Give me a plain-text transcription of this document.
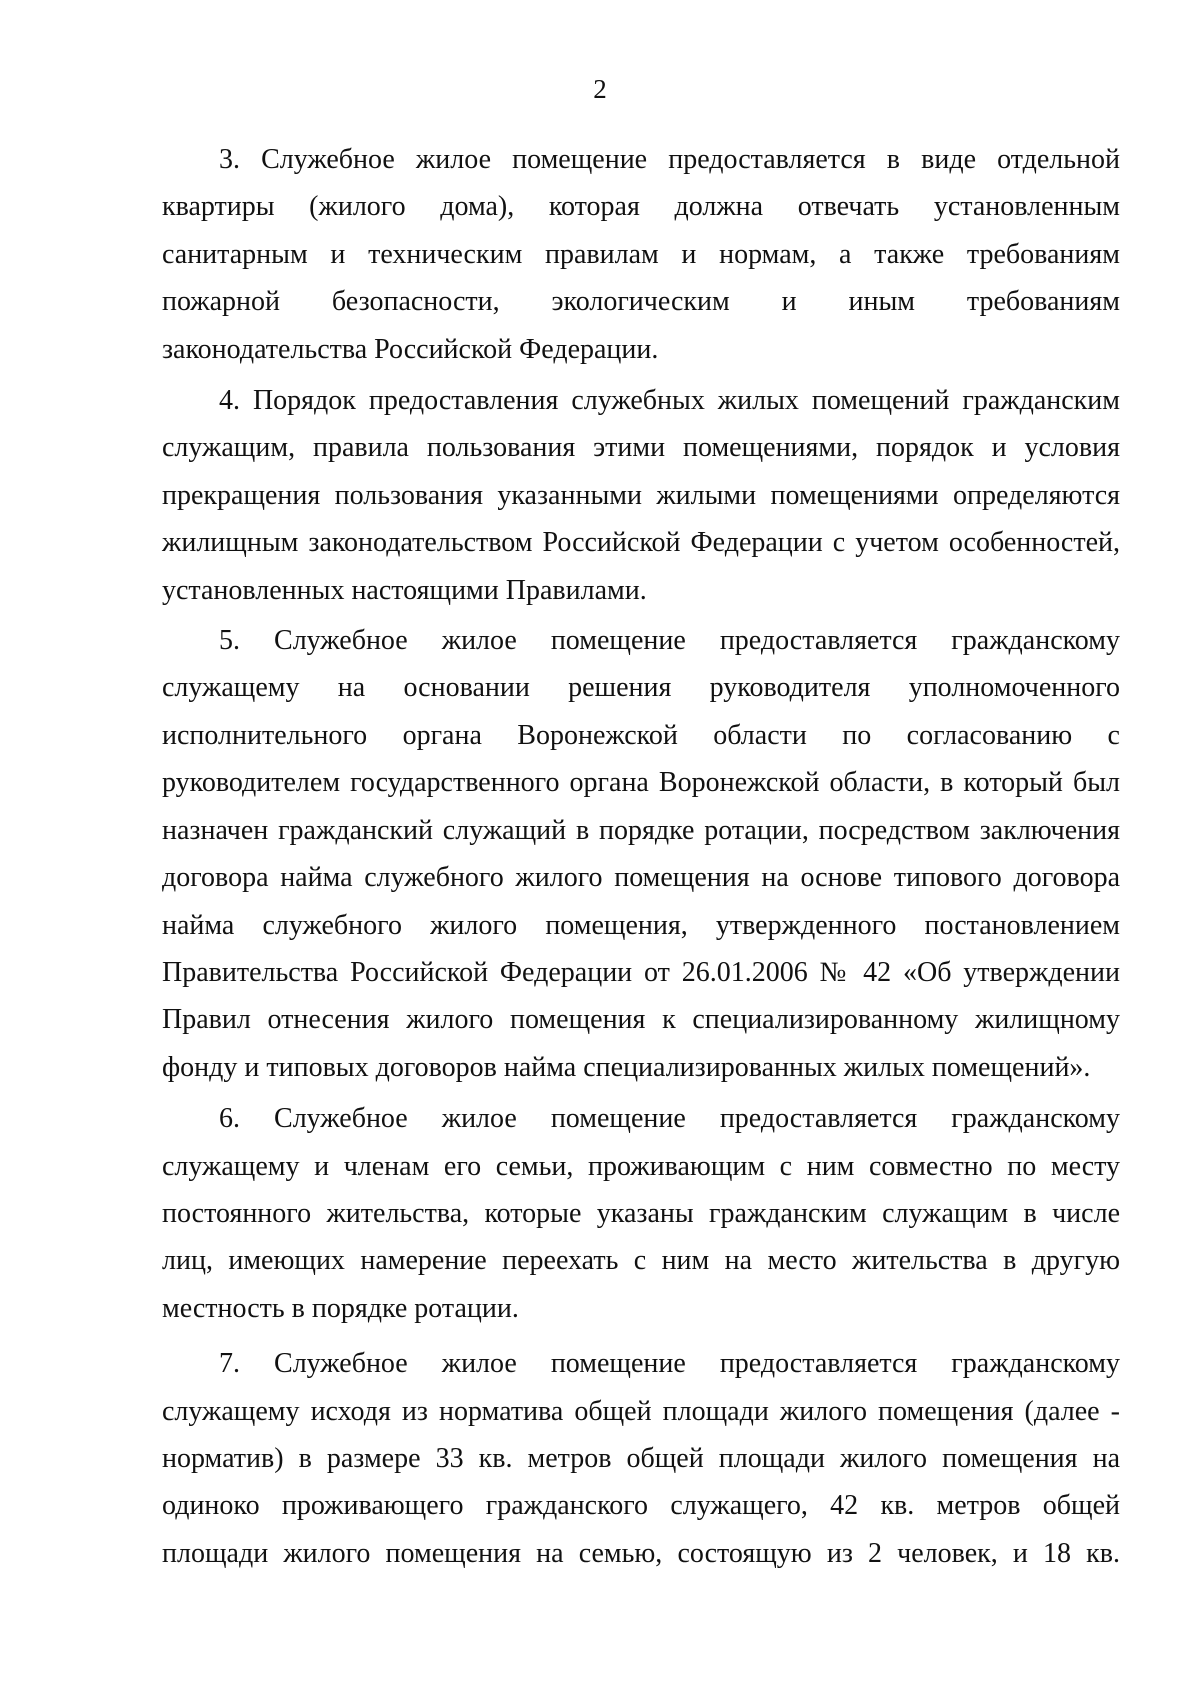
2
3. Служебное жилое помещение предоставляется в виде отдельной
квартиры (жилого дома), которая должна отвечать установленным
санитарным и техническим правилам и нормам, а также требованиям
пожарной безопасности, экологическим и иным требованиям
законодательства Российской Федерации.
4. Порядок предоставления служебных жилых помещений гражданским
служащим, правила пользования этими помещениями, порядок и условия
прекращения пользования указанными жилыми помещениями определяются
жилищным законодательством Российской Федерации с учетом особенностей,
установленных настоящими Правилами.
5. Служебное жилое помещение предоставляется гражданскому
служащему на основании решения руководителя уполномоченного
исполнительного органа Воронежской области по согласованию с
руководителем государственного органа Воронежской области, в который был
назначен гражданский служащий в порядке ротации, посредством заключения
договора найма служебного жилого помещения на основе типового договора
найма служебного жилого помещения, утвержденного постановлением
Правительства Российской Федерации от 26.01.2006 № 42 «Об утверждении
Правил отнесения жилого помещения к специализированному жилищному
фонду и типовых договоров найма специализированных жилых помещений».
6. Служебное жилое помещение предоставляется гражданскому
служащему и членам его семьи, проживающим с ним совместно по месту
постоянного жительства, которые указаны гражданским служащим в числе
лиц, имеющих намерение переехать с ним на место жительства в другую
местность в порядке ротации.
7. Служебное жилое помещение предоставляется гражданскому
служащему исходя из норматива общей площади жилого помещения (далее -
норматив) в размере 33 кв. метров общей площади жилого помещения на
одиноко проживающего гражданского служащего, 42 кв. метров общей
площади жилого помещения на семью, состоящую из 2 человек, и 18 кв.
